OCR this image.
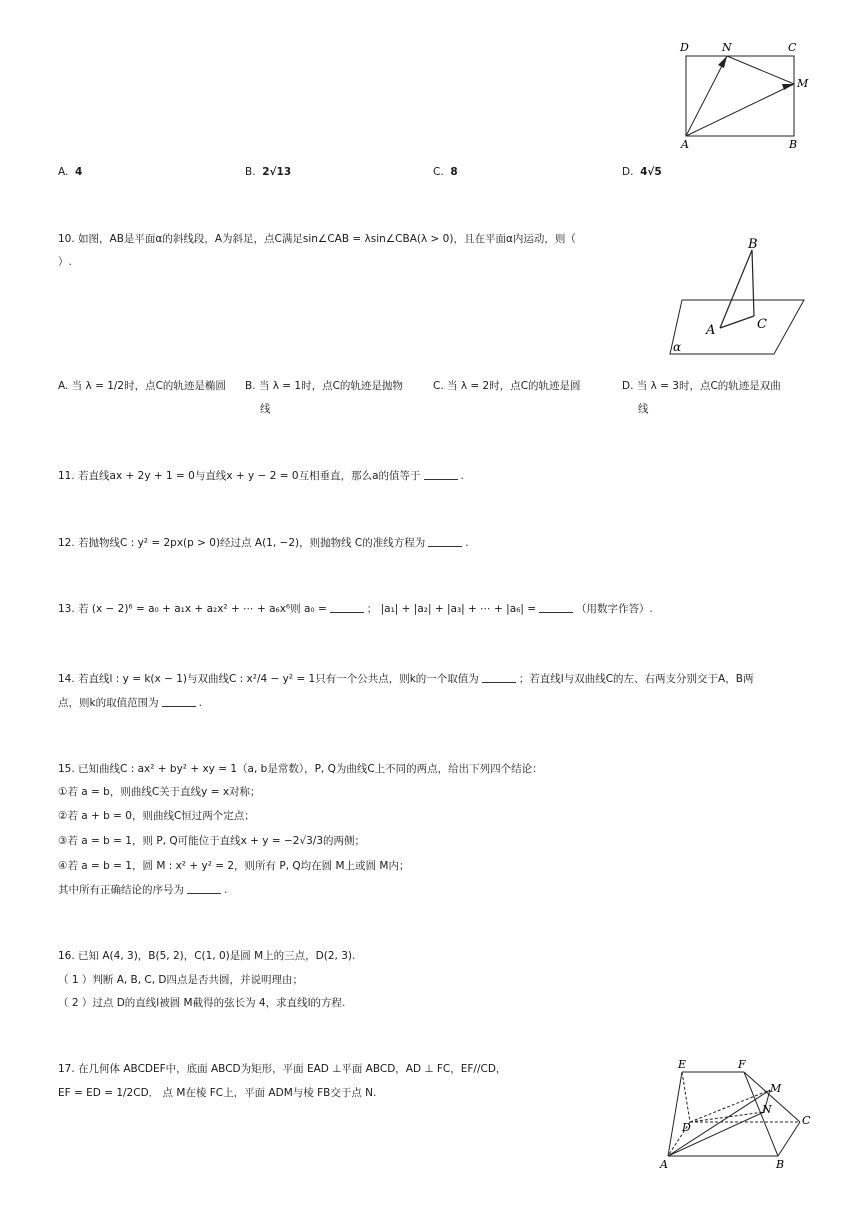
D	N	C
M
A	B
A. 4	B. 2√13	C. 8	D. 4√5
10. 如图，AB是平面α的斜线段，A为斜足，点C满足sin∠CAB = λsin∠CBA(λ > 0)，且在平面α内运动，则（
）.
B
A	C
α
A. 当 λ = 1/2时，点C的轨迹是椭圆 B. 当 λ = 1时，点C的轨迹是抛物
线
C. 当 λ = 2时，点C的轨迹是圆	D. 当 λ = 3时，点C的轨迹是双曲
线
11. 若直线ax + 2y + 1 = 0与直线x + y − 2 = 0互相垂直，那么a的值等于	.
12. 若抛物线C : y² = 2px(p > 0)经过点 A(1, −2)，则抛物线 C的准线方程为	.
13. 若 (x − 2)⁶ = a₀ + a₁x + a₂x² + ⋯ + a₆x⁶则 a₀ =	； |a₁| + |a₂| + |a₃| + ⋯ + |a₆| =	（用数字作答）.
14. 若直线l : y = k(x − 1)与双曲线C : x²/4 − y² = 1只有一个公共点，则k的一个取值为	；若直线l与双曲线C的左、右两支分别交于A，B两
点，则k的取值范围为	.
15. 已知曲线C : ax² + by² + xy = 1（a, b是常数），P, Q为曲线C上不同的两点，给出下列四个结论：
①若 a = b，则曲线C关于直线y = x对称；
②若 a + b = 0，则曲线C恒过两个定点；
③若 a = b = 1，则 P, Q可能位于直线x + y = −2√3/3的两侧；
④若 a = b = 1，圆 M : x² + y² = 2，则所有 P, Q均在圆 M上或圆 M内；
其中所有正确结论的序号为	.
16. 已知 A(4, 3)，B(5, 2)，C(1, 0)是圆 M上的三点，D(2, 3).
（ 1 ）判断 A, B, C, D四点是否共圆，并说明理由；
（ 2 ）过点 D的直线l被圆 M截得的弦长为 4，求直线l的方程.
17. 在几何体 ABCDEF中，底面 ABCD为矩形，平面 EAD ⊥平面 ABCD，AD ⊥ FC，EF//CD，
EF = ED = 1/2CD． 点 M在棱 FC上，平面 ADM与棱 FB交于点 N.
E	F
M
N
D
C
A	B
